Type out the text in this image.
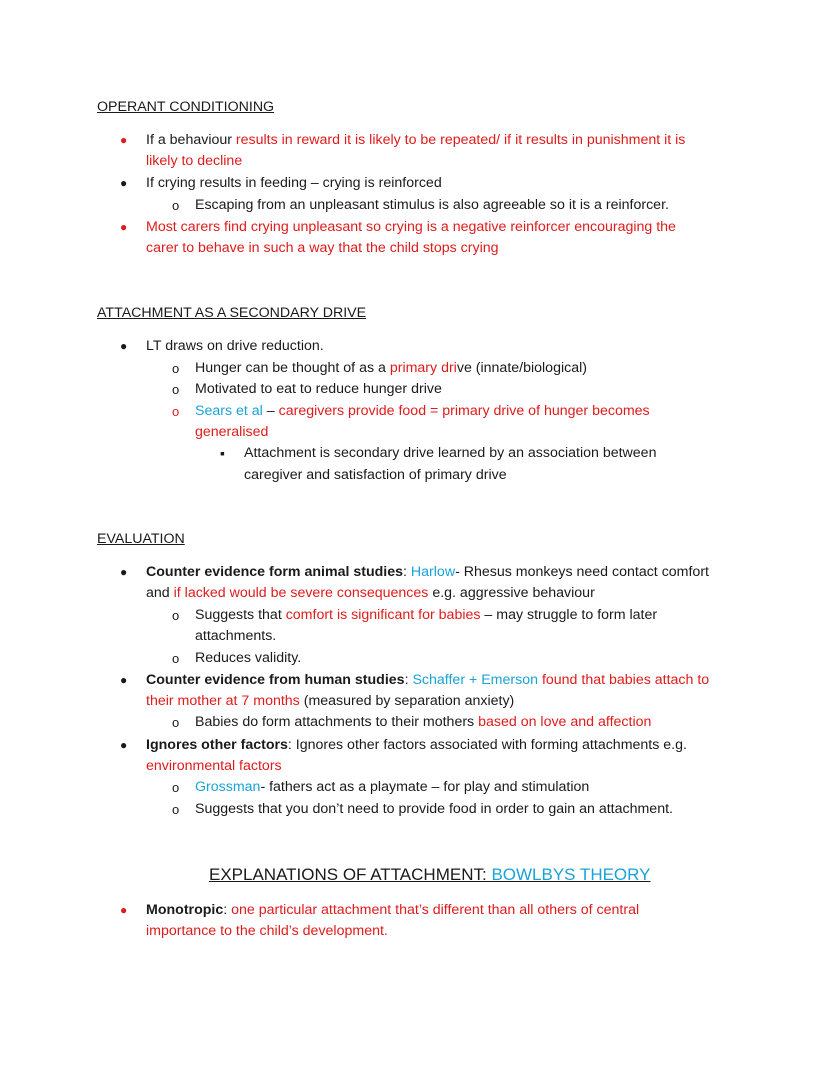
OPERANT CONDITIONING
●
If a behaviour results in reward it is likely to be repeated/ if it results in punishment it is
likely to decline
●
If crying results in feeding – crying is reinforced
o
Escaping from an unpleasant stimulus is also agreeable so it is a reinforcer.
●
Most carers find crying unpleasant so crying is a negative reinforcer encouraging the
carer to behave in such a way that the child stops crying
ATTACHMENT AS A SECONDARY DRIVE
●
LT draws on drive reduction.
o
Hunger can be thought of as a primary drive (innate/biological)
o
Motivated to eat to reduce hunger drive
o
Sears et al – caregivers provide food = primary drive of hunger becomes
generalised
▪
Attachment is secondary drive learned by an association between
caregiver and satisfaction of primary drive
EVALUATION
●
Counter evidence form animal studies: Harlow- Rhesus monkeys need contact comfort
and if lacked would be severe consequences e.g. aggressive behaviour
o
Suggests that comfort is significant for babies – may struggle to form later
attachments.
o
Reduces validity.
●
Counter evidence from human studies: Schaffer + Emerson found that babies attach to
their mother at 7 months (measured by separation anxiety)
o
Babies do form attachments to their mothers based on love and affection
●
Ignores other factors: Ignores other factors associated with forming attachments e.g.
environmental factors
o
Grossman- fathers act as a playmate – for play and stimulation
o
Suggests that you don’t need to provide food in order to gain an attachment.
EXPLANATIONS OF ATTACHMENT: BOWLBYS THEORY
●
Monotropic: one particular attachment that’s different than all others of central
importance to the child’s development.
